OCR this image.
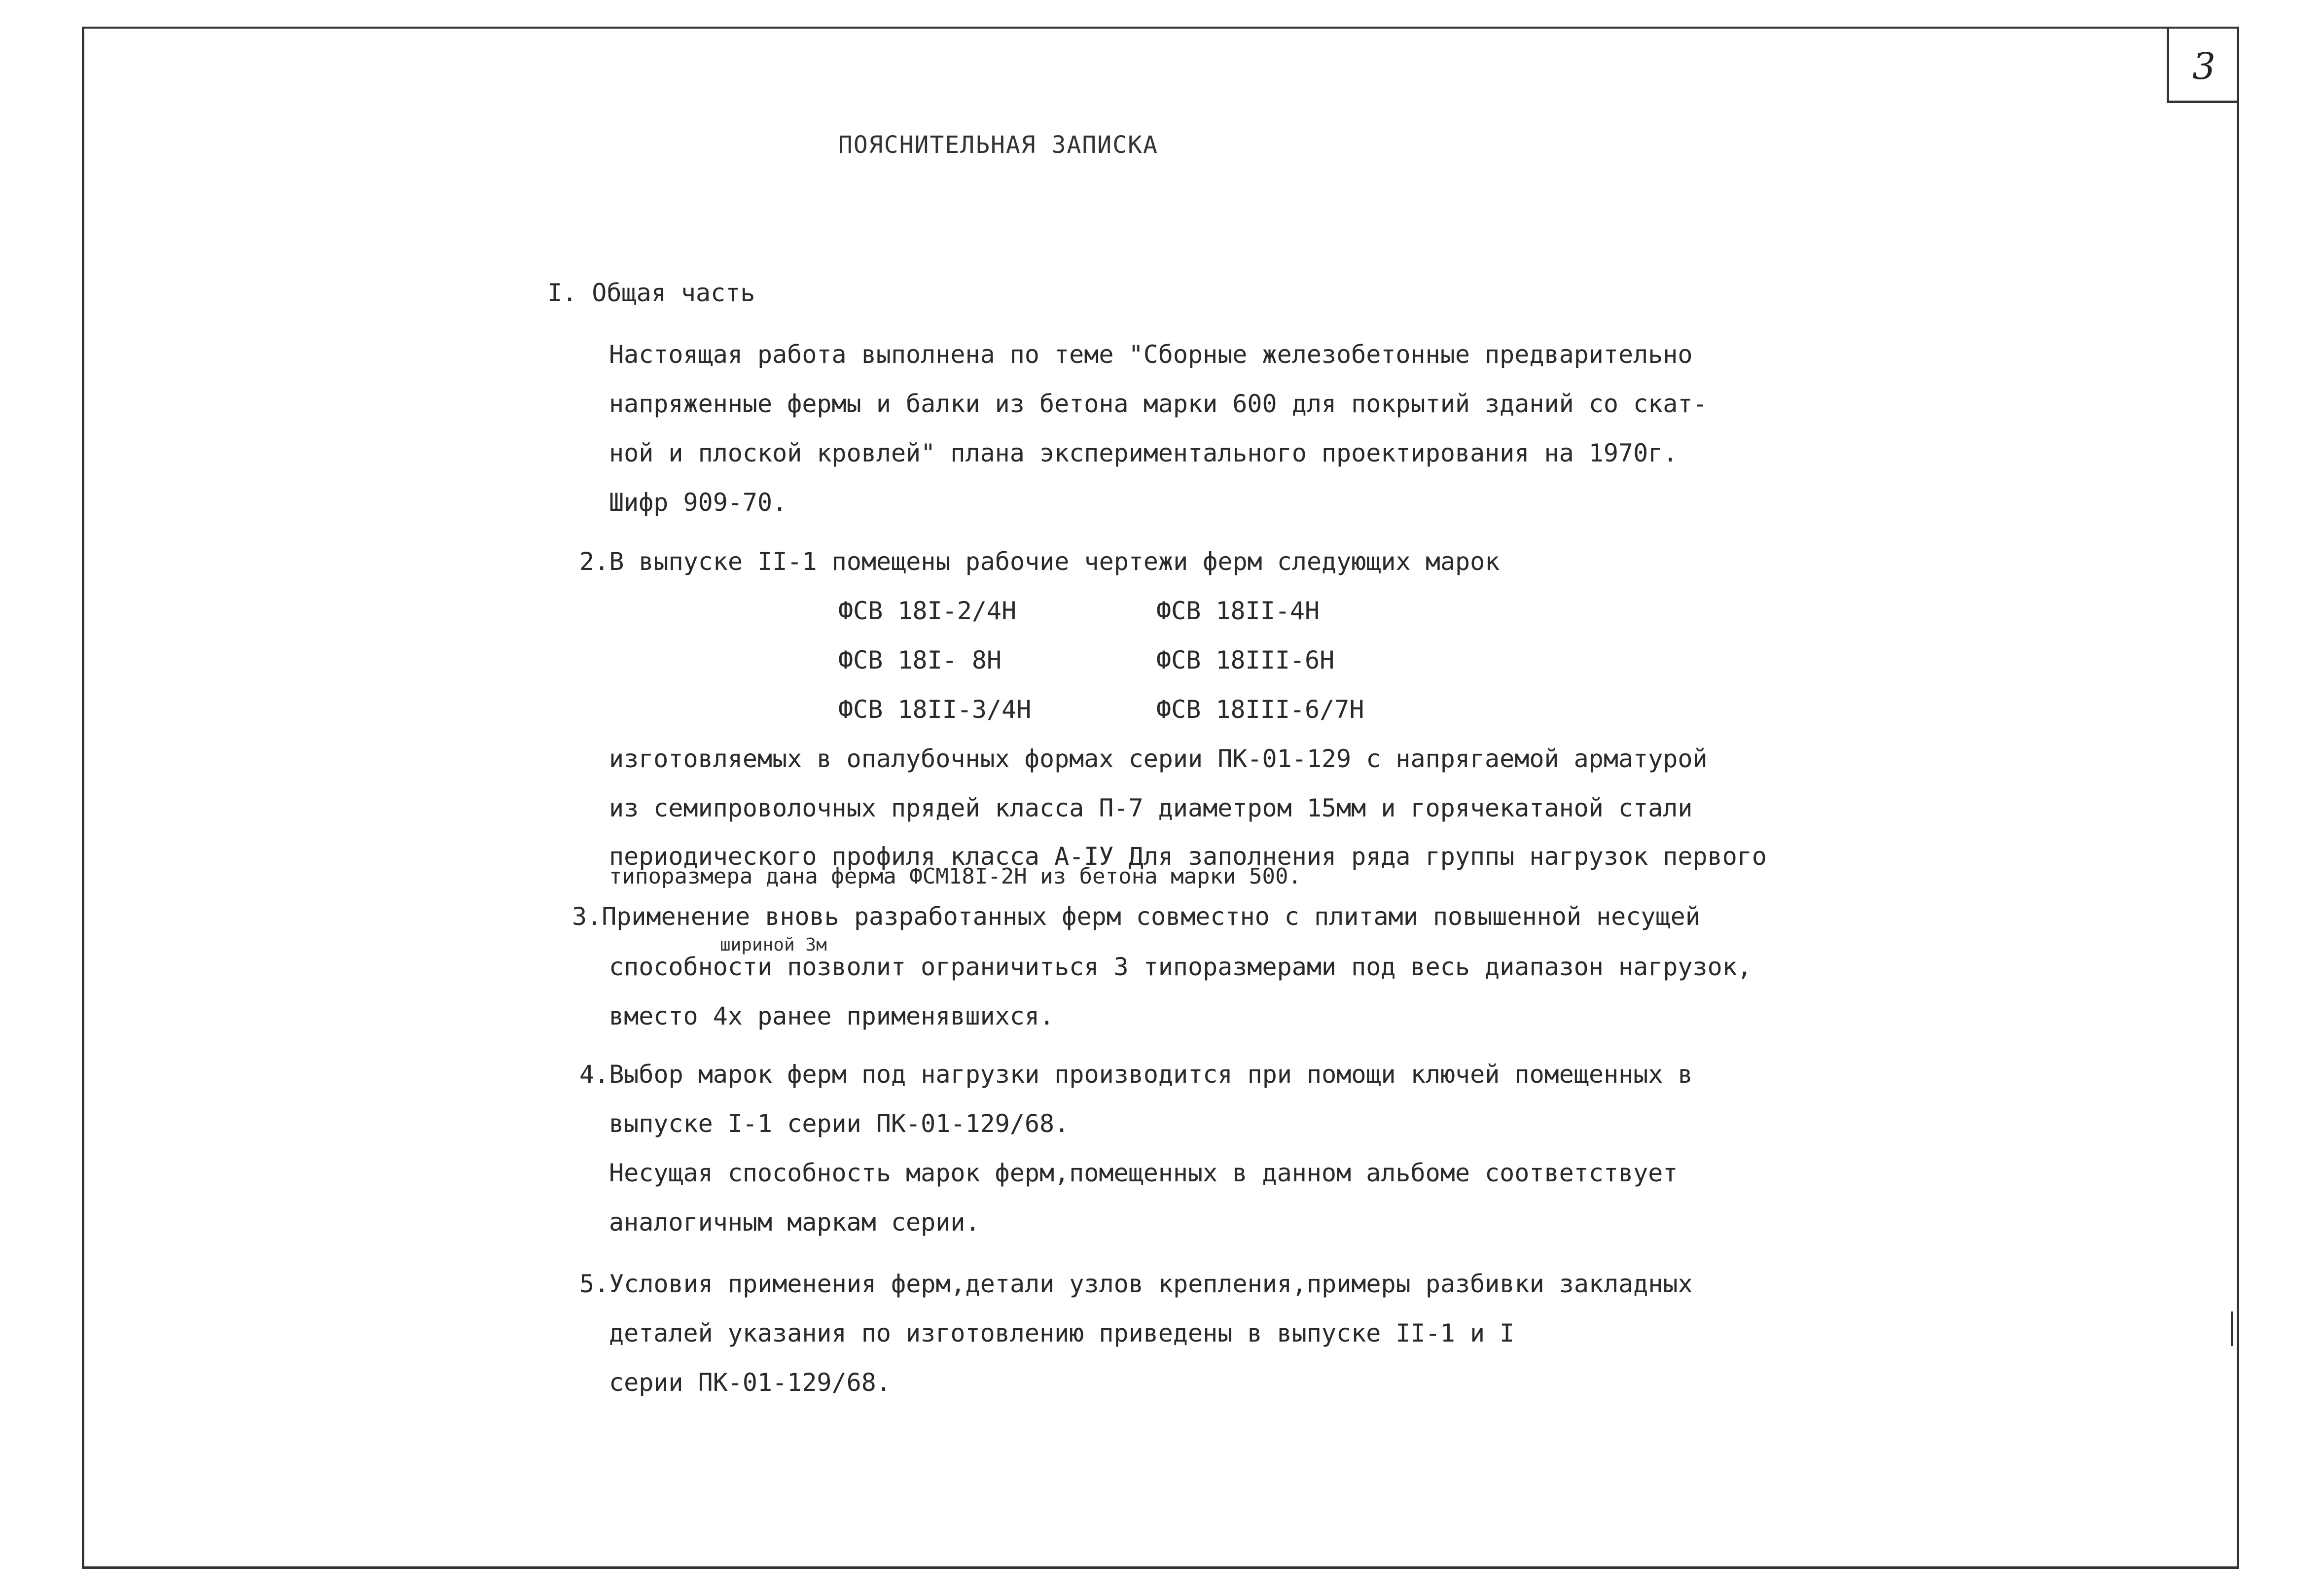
3
ПОЯСНИТЕЛЬНАЯ ЗАПИСКА
I. Общая часть
Настоящая работа выполнена по теме "Сборные железобетонные предварительно
напряженные фермы и балки из бетона марки 600 для покрытий зданий со скат-
ной и плоской кровлей" плана экспериментального проектирования на 1970г.
Шифр 909-70.
2.В выпуске II-1 помещены рабочие чертежи ферм следующих марок
ФСВ 18I-2/4Н
ФСВ 18I- 8Н
ФСВ 18II-3/4Н
ФСВ 18II-4Н
ФСВ 18III-6Н
ФСВ 18III-6/7Н
изготовляемых в опалубочных формах серии ПК-01-129 с напрягаемой арматурой
из семипроволочных прядей класса П-7 диаметром 15мм и горячекатаной стали
периодического профиля класса А-IУ Для заполнения ряда группы нагрузок первого
типоразмера дана ферма ФСМ18I-2Н из бетона марки 500.
3.Применение вновь разработанных ферм совместно с плитами повышенной несущей
шириной 3м
способности позволит ограничиться 3 типоразмерами под весь диапазон нагрузок,
вместо 4х ранее применявшихся.
4.Выбор марок ферм под нагрузки производится при помощи ключей помещенных в
выпуске I-1 серии ПК-01-129/68.
Несущая способность марок ферм,помещенных в данном альбоме соответствует
аналогичным маркам серии.
5.Условия применения ферм,детали узлов крепления,примеры разбивки закладных
деталей указания по изготовлению приведены в выпуске II-1 и I
серии ПК-01-129/68.
